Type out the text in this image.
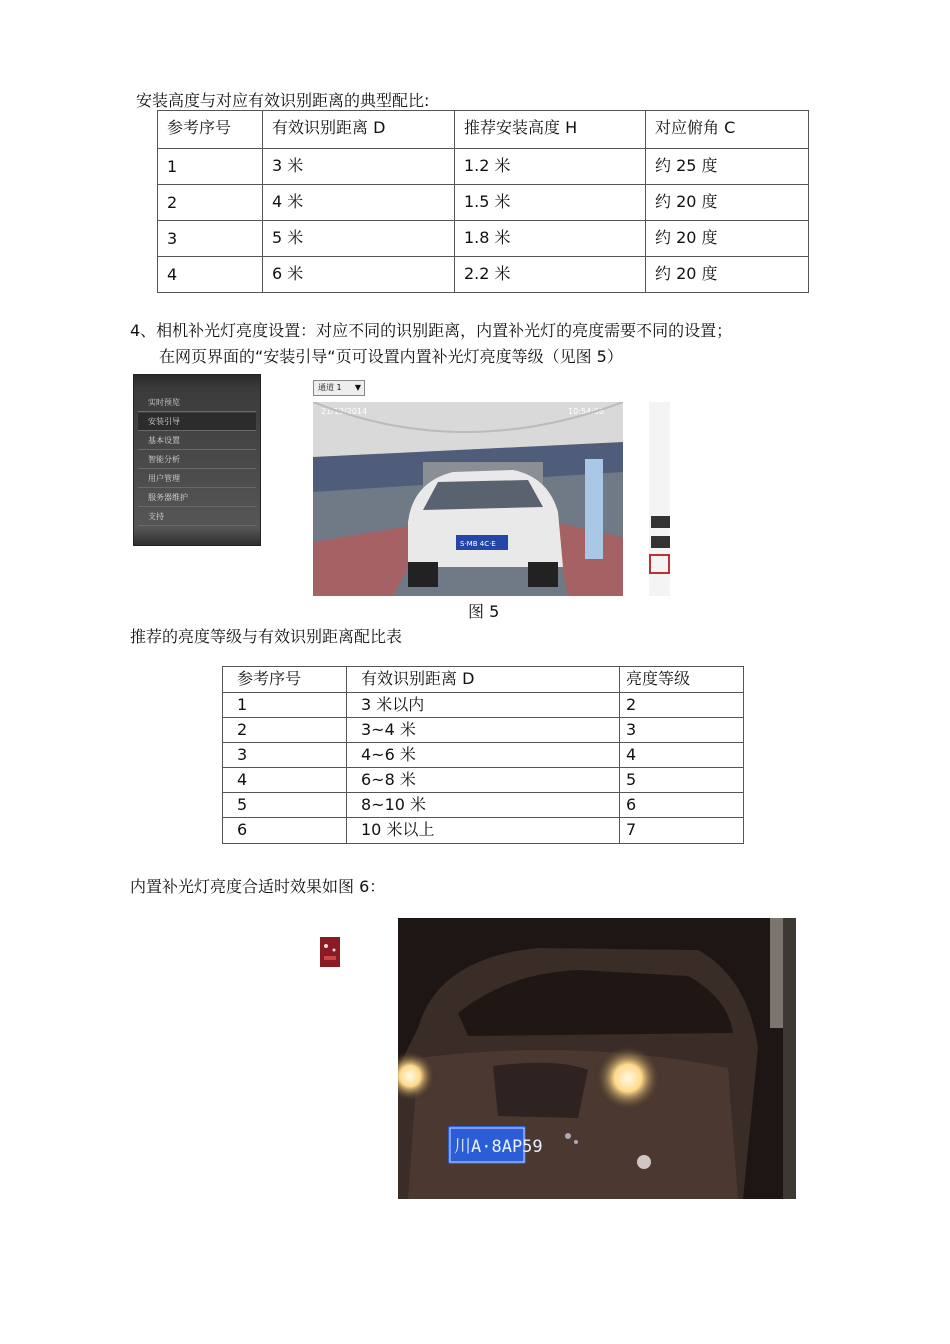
安装高度与对应有效识别距离的典型配比:
参考序号	有效识别距离 D	推荐安装高度 H	对应俯角 C
1	3 米	1.2 米	约 25 度
2	4 米	1.5 米	约 20 度
3	5 米	1.8 米	约 20 度
4	6 米	2.2 米	约 20 度
4、相机补光灯亮度设置：对应不同的识别距离，内置补光灯的亮度需要不同的设置；
在网页界面的“安装引导“页可设置内置补光灯亮度等级（见图 5）
实时预览
安装引导
基本设置
智能分析
用户管理
服务器维护
支持
通道 1 ▼
S·MB 4C·E
21/12/2014	10:54:08
图 5
推荐的亮度等级与有效识别距离配比表
参考序号	有效识别距离 D	亮度等级
1	3 米以内	2
2	3~4 米	3
3	4~6 米	4
4	6~8 米	5
5	8~10 米	6
6	10 米以上	7
内置补光灯亮度合适时效果如图 6：
川A·8AP59
